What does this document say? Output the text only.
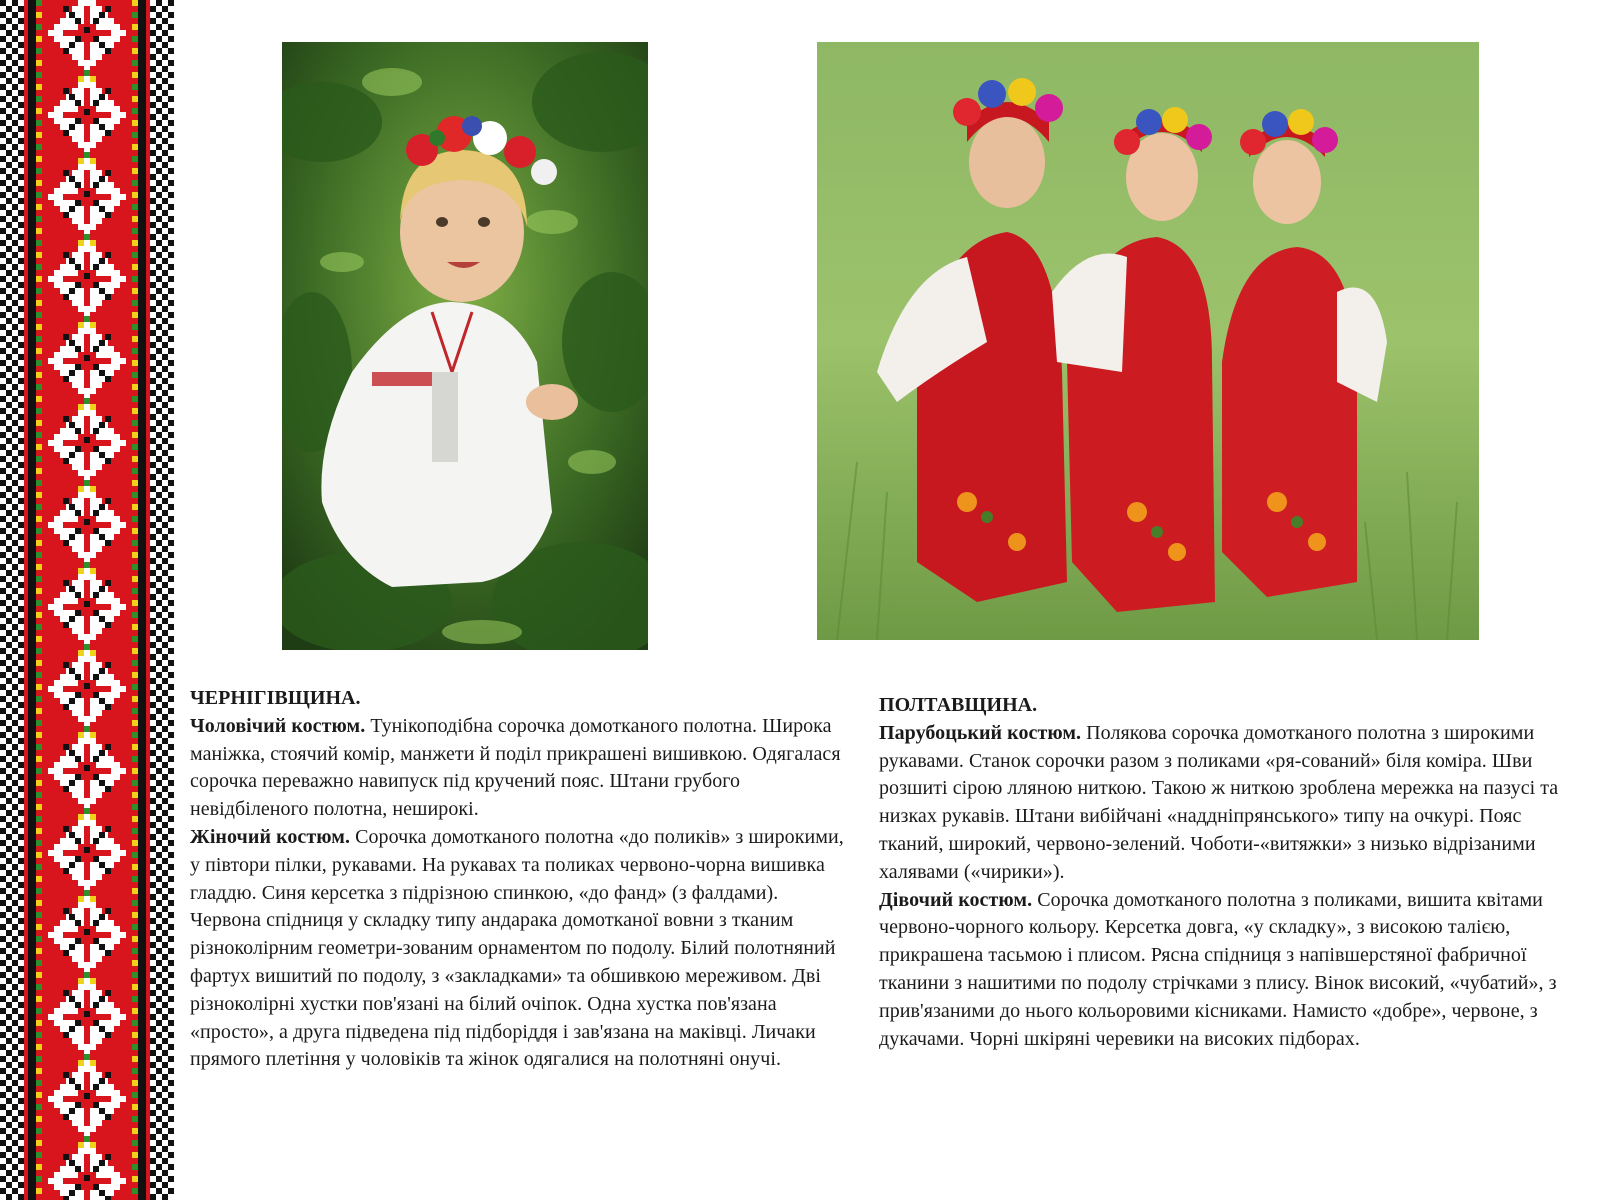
ЧЕРНІГІВЩИНА.

Чоловічий костюм. Тунікоподібна сорочка домотканого полотна. Широка маніжка, стоячий комір, манжети й поділ прикрашені вишивкою. Одягалася сорочка переважно навипуск під кручений пояс. Штани грубого невідбіленого полотна, неширокі.

Жіночий костюм. Сорочка домотканого полотна «до поликів» з широкими, у півтори пілки, рукавами. На рукавах та поликах червоно-чорна вишивка гладдю. Синя керсетка з підрізною спинкою, «до фанд» (з фалдами). Червона спідниця у складку типу андарака домотканої вовни з тканим різноколірним геометри-зованим орнаментом по подолу. Білий полотняний фартух вишитий по подолу, з «закладками» та обшивкою мереживом. Дві різноколірні хустки пов'язані на білий очіпок. Одна хустка пов'язана «просто», а друга підведена під підборіддя і зав'язана на маківці. Личаки прямого плетіння у чоловіків та жінок одягалися на полотняні онучі.

ПОЛТАВЩИНА.

Парубоцький костюм. Полякова сорочка домотканого полотна з широкими рукавами. Станок сорочки разом з поликами «ря-сований» біля коміра. Шви розшиті сірою лляною ниткою. Такою ж ниткою зроблена мережка на пазусі та низках рукавів. Штани вибійчані «наддніпрянського» типу на очкурі. Пояс тканий, широкий, червоно-зелений. Чоботи-«витяжки» з низько відрізаними халявами («чирики»).

Дівочий костюм. Сорочка домотканого полотна з поликами, вишита квітами червоно-чорного кольору. Керсетка довга, «у складку», з високою талією, прикрашена тасьмою і плисом. Рясна спідниця з напівшерстяної фабричної тканини з нашитими по подолу стрічками з плису. Вінок високий, «чубатий», з прив'язаними до нього кольоровими кісниками. Намисто «добре», червоне, з дукачами. Чорні шкіряні черевики на високих підборах.
